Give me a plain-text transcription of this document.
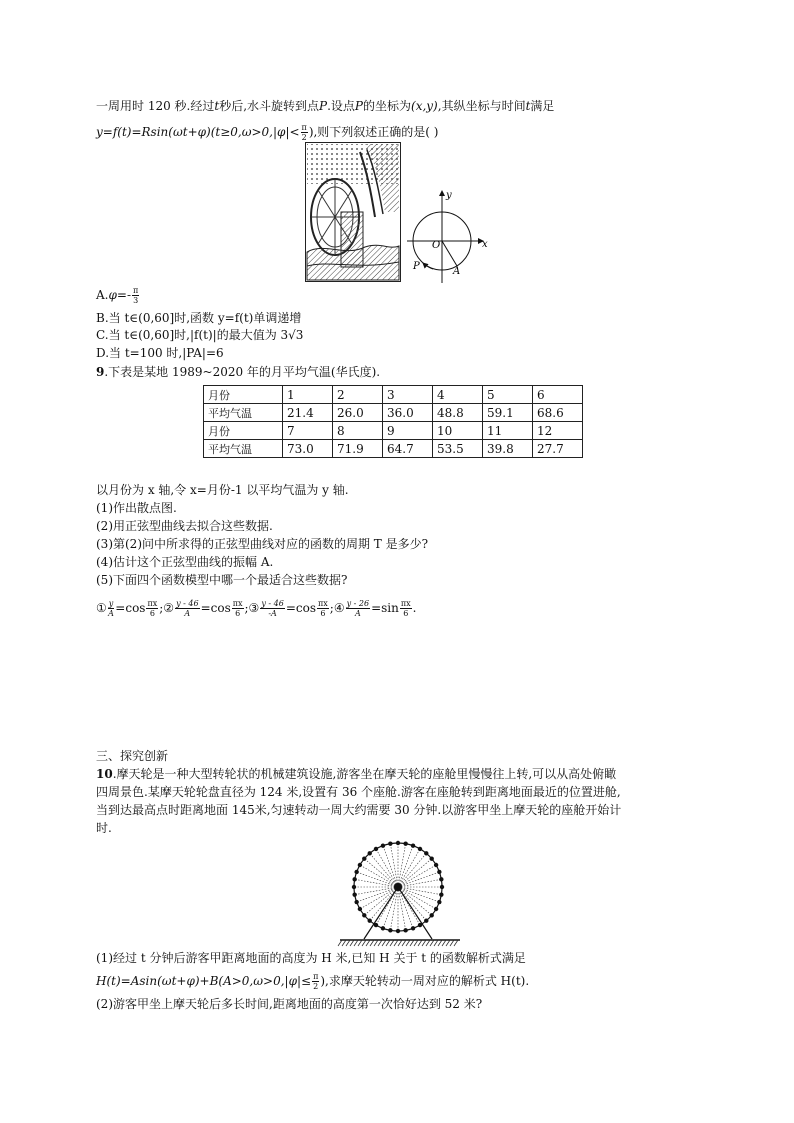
一周用时 120 秒.经过t秒后,水斗旋转到点P.设点P的坐标为(x,y),其纵坐标与时间t满足
$y=f(t)=Rsin(\omega t+\varphi)(t\ge 0,\omega>0,|\varphi|< \frac{\pi}{2}$ ),则下列叙述正确的是( )
y
x
O
P	A
$A.\varphi=- \frac{\pi}{3}$
B.当 t∈(0,60]时,函数 y=f(t)单调递增
C.当 t∈(0,60]时,|f(t)|的最大值为 3√3
D.当 t=100 时,|PA|=6
9.下表是某地 1989~2020 年的月平均气温(华氏度).
月份	1	2	3	4	5	6
平均气温	21.4	26.0	36.0	48.8	59.1	68.6
月份	7	8	9	10	11	12
平均气温	73.0	71.9	64.7	53.5	39.8	27.7
以月份为 x 轴,令 x=月份-1 以平均气温为 y 轴.
(1)作出散点图.
(2)用正弦型曲线去拟合这些数据.
(3)第(2)问中所求得的正弦型曲线对应的函数的周期 T 是多少?
(4)估计这个正弦型曲线的振幅 A.
(5)下面四个函数模型中哪一个最适合这些数据?
① $\frac{y}{A} =\cos \frac{\pi x}{6}$ ;② $\frac{y - 46}{A} =\cos \frac{\pi x}{6}$ ;③ $\frac{y - 46}{-A} =\cos \frac{\pi x}{6}$ ;④ $\frac{y - 26}{A} =\sin \frac{\pi x}{6}$ .
三、探究创新
10.摩天轮是一种大型转轮状的机械建筑设施,游客坐在摩天轮的座舱里慢慢往上转,可以从高处俯瞰
四周景色.某摩天轮轮盘直径为 124 米,设置有 36 个座舱.游客在座舱转到距离地面最近的位置进舱,
当到达最高点时距离地面 145米,匀速转动一周大约需要 30 分钟.以游客甲坐上摩天轮的座舱开始计
时.
(1)经过 t 分钟后游客甲距离地面的高度为 H 米,已知 H 关于 t 的函数解析式满足
$H(t)=Asin(\omega t+\varphi)+B(A>0,\omega>0,|\varphi|\le \frac{\pi}{2}$ ),求摩天轮转动一周对应的解析式 H(t).
(2)游客甲坐上摩天轮后多长时间,距离地面的高度第一次恰好达到 52 米?
